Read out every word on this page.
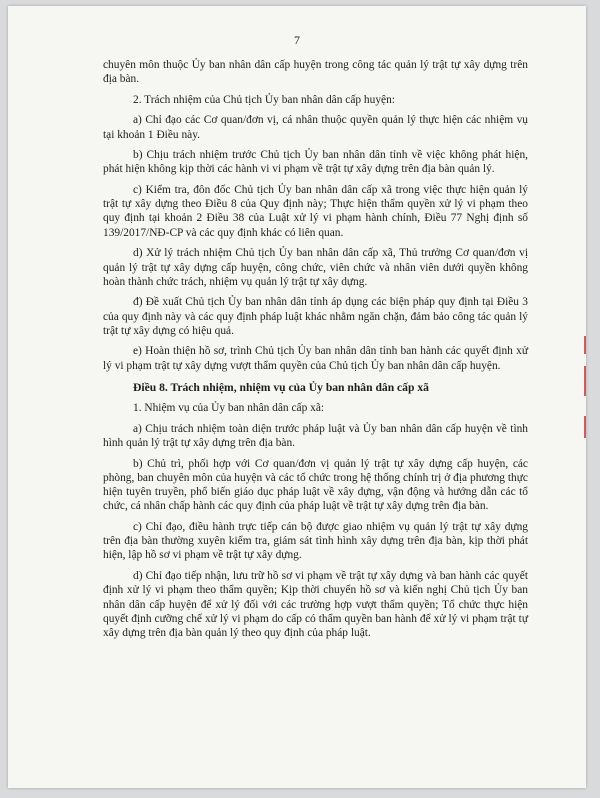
7

chuyên môn thuộc Ủy ban nhân dân cấp huyện trong công tác quản lý trật tự xây dựng trên địa bàn.

2. Trách nhiệm của Chủ tịch Ủy ban nhân dân cấp huyện:

a) Chỉ đạo các Cơ quan/đơn vị, cá nhân thuộc quyền quản lý thực hiện các nhiệm vụ tại khoản 1 Điều này.

b) Chịu trách nhiệm trước Chủ tịch Ủy ban nhân dân tỉnh về việc không phát hiện, phát hiện không kịp thời các hành vi vi phạm về trật tự xây dựng trên địa bàn quản lý.

c) Kiểm tra, đôn đốc Chủ tịch Ủy ban nhân dân cấp xã trong việc thực hiện quản lý trật tự xây dựng theo Điều 8 của Quy định này; Thực hiện thẩm quyền xử lý vi phạm theo quy định tại khoản 2 Điều 38 của Luật xử lý vi phạm hành chính, Điều 77 Nghị định số 139/2017/NĐ-CP và các quy định khác có liên quan.

d) Xử lý trách nhiệm Chủ tịch Ủy ban nhân dân cấp xã, Thủ trưởng Cơ quan/đơn vị quản lý trật tự xây dựng cấp huyện, công chức, viên chức và nhân viên dưới quyền không hoàn thành chức trách, nhiệm vụ quản lý trật tự xây dựng.

đ) Đề xuất Chủ tịch Ủy ban nhân dân tỉnh áp dụng các biện pháp quy định tại Điều 3 của quy định này và các quy định pháp luật khác nhằm ngăn chặn, đảm bảo công tác quản lý trật tự xây dựng có hiệu quả.

e) Hoàn thiện hồ sơ, trình Chủ tịch Ủy ban nhân dân tỉnh ban hành các quyết định xử lý vi phạm trật tự xây dựng vượt thẩm quyền của Chủ tịch Ủy ban nhân dân cấp huyện.

Điều 8. Trách nhiệm, nhiệm vụ của Ủy ban nhân dân cấp xã

1. Nhiệm vụ của Ủy ban nhân dân cấp xã:

a) Chịu trách nhiệm toàn diện trước pháp luật và Ủy ban nhân dân cấp huyện về tình hình quản lý trật tự xây dựng trên địa bàn.

b) Chủ trì, phối hợp với Cơ quan/đơn vị quản lý trật tự xây dựng cấp huyện, các phòng, ban chuyên môn của huyện và các tổ chức trong hệ thống chính trị ở địa phương thực hiện tuyên truyền, phổ biến giáo dục pháp luật về xây dựng, vận động và hướng dẫn các tổ chức, cá nhân chấp hành các quy định của pháp luật về trật tự xây dựng trên địa bàn.

c) Chỉ đạo, điều hành trực tiếp cán bộ được giao nhiệm vụ quản lý trật tự xây dựng trên địa bàn thường xuyên kiểm tra, giám sát tình hình xây dựng trên địa bàn, kịp thời phát hiện, lập hồ sơ vi phạm về trật tự xây dựng.

d) Chỉ đạo tiếp nhận, lưu trữ hồ sơ vi phạm về trật tự xây dựng và ban hành các quyết định xử lý vi phạm theo thẩm quyền; Kịp thời chuyển hồ sơ và kiến nghị Chủ tịch Ủy ban nhân dân cấp huyện để xử lý đối với các trường hợp vượt thẩm quyền; Tổ chức thực hiện quyết định cưỡng chế xử lý vi phạm do cấp có thẩm quyền ban hành để xử lý vi phạm trật tự xây dựng trên địa bàn quản lý theo quy định của pháp luật.
